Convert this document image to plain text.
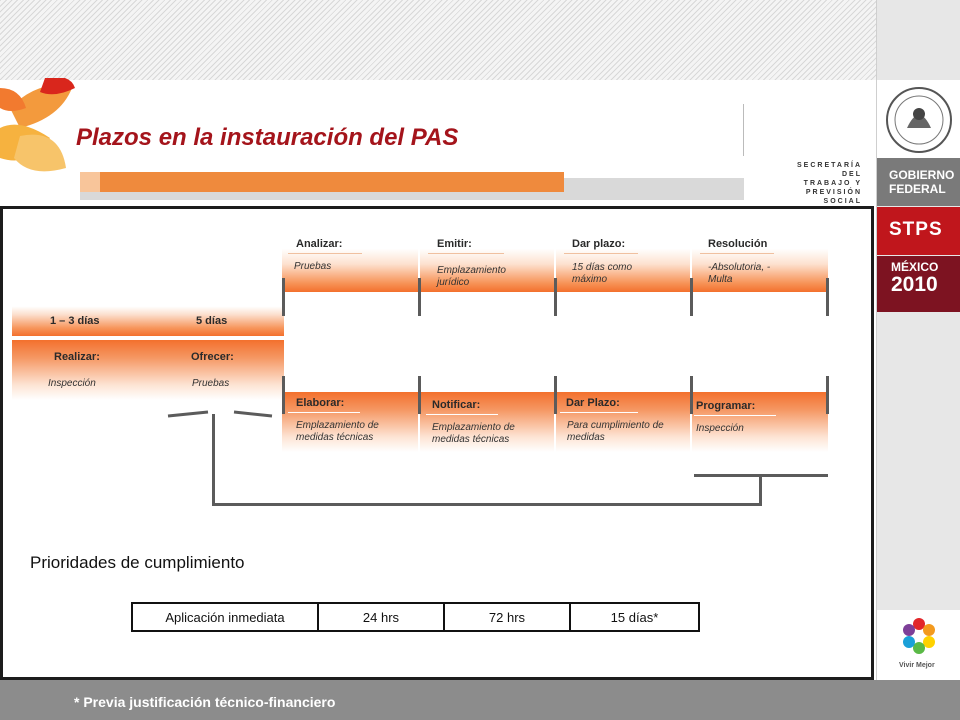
Plazos en la instauración del PAS
GOBIERNO
FEDERAL
STPS
MÉXICO
2010
Vivir Mejor
SECRETARÍA
DEL TRABAJO Y
PREVISIÓN SOCIAL
1 – 3 días	5 días
Realizar:
Inspección
Ofrecer:
Pruebas
Analizar:
Pruebas
Emitir:
Emplazamiento jurídico
Dar plazo:
15 días como máximo
Resolución
-Absolutoria, -Multa
Elaborar:
Emplazamiento de medidas técnicas
Notificar:
Emplazamiento de medidas técnicas
Dar Plazo:
Para cumplimiento de medidas
Programar:
Inspección
Prioridades de cumplimiento
Aplicación inmediata	24 hrs	72 hrs	15 días*
* Previa justificación técnico-financiero
